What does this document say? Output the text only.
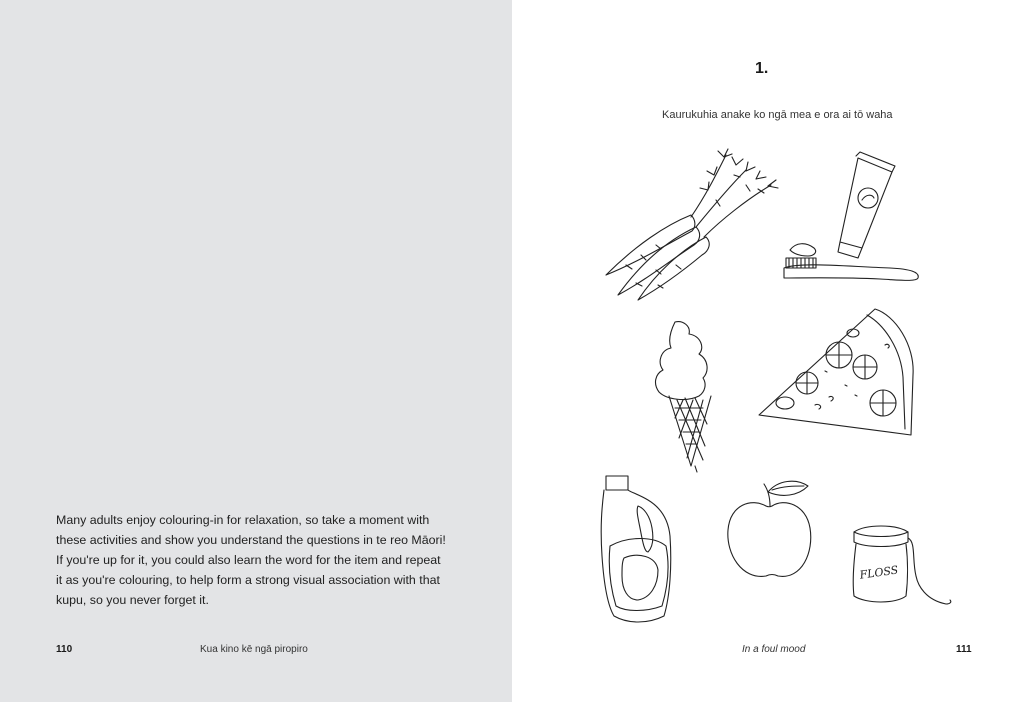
Many adults enjoy colouring-in for relaxation, so take a moment with
these activities and show you understand the questions in te reo Māori!
If you're up for it, you could also learn the word for the item and repeat
it as you're colouring, to help form a strong visual association with that
kupu, so you never forget it.
110	Kua kino kē ngā piropiro
1.
Kaurukuhia anake ko ngā mea e ora ai tō waha
FLOSS
In a foul mood	111
